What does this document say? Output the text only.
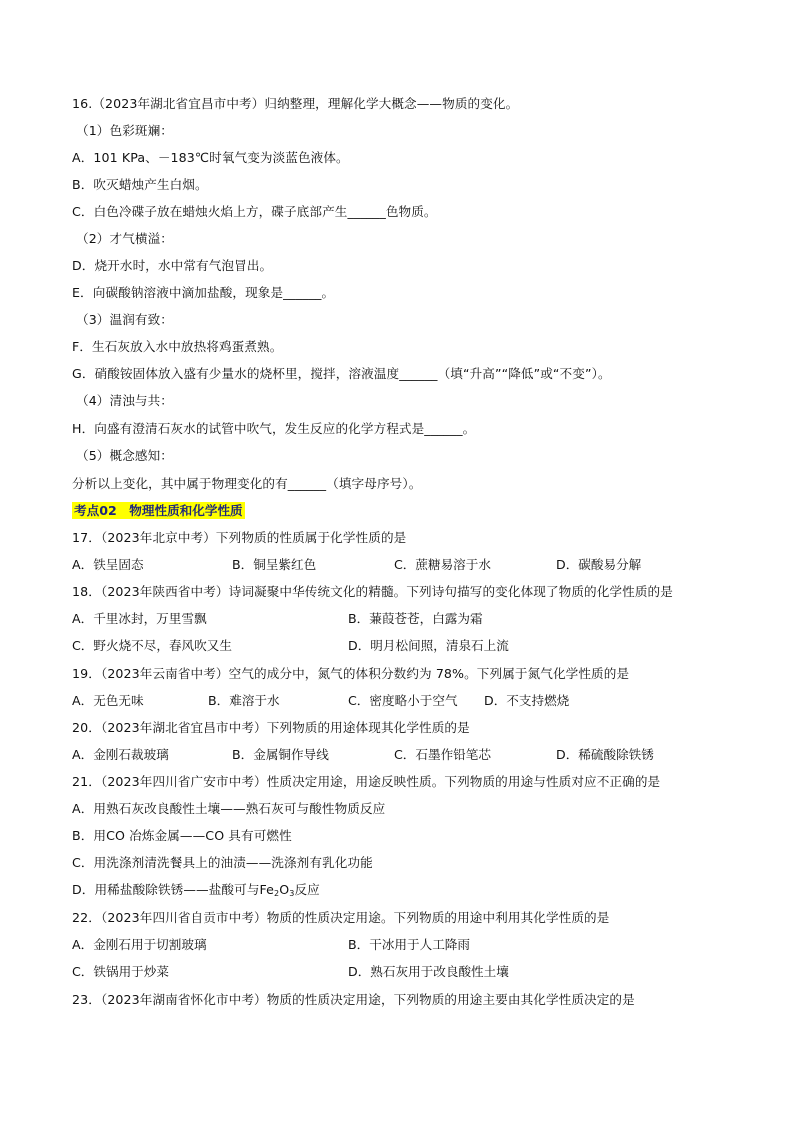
16.（2023年湖北省宜昌市中考）归纳整理，理解化学大概念——物质的变化。
（1）色彩斑斓：
A．101 KPa、－183℃时氧气变为淡蓝色液体。
B．吹灭蜡烛产生白烟。
C．白色冷碟子放在蜡烛火焰上方，碟子底部产生______色物质。
（2）才气横溢：
D．烧开水时，水中常有气泡冒出。
E．向碳酸钠溶液中滴加盐酸，现象是______。
（3）温润有致：
F．生石灰放入水中放热将鸡蛋煮熟。
G．硝酸铵固体放入盛有少量水的烧杯里，搅拌，溶液温度______（填“升高”“降低”或“不变”）。
（4）清浊与共：
H．向盛有澄清石灰水的试管中吹气，发生反应的化学方程式是______。
（5）概念感知：
分析以上变化，其中属于物理变化的有______（填字母序号）。
考点02　物理性质和化学性质
17．（2023年北京中考）下列物质的性质属于化学性质的是
A．铁呈固态	B．铜呈紫红色	C．蔗糖易溶于水	D．碳酸易分解
18．（2023年陕西省中考）诗词凝聚中华传统文化的精髓。下列诗句描写的变化体现了物质的化学性质的是
A．千里冰封，万里雪飘	B．蒹葭苍苍，白露为霜
C．野火烧不尽，春风吹又生	D．明月松间照，清泉石上流
19．（2023年云南省中考）空气的成分中，氮气的体积分数约为 78%。下列属于氮气化学性质的是
A．无色无味	B．难溶于水	C．密度略小于空气 D．不支持燃烧
20．（2023年湖北省宜昌市中考）下列物质的用途体现其化学性质的是
A．金刚石裁玻璃	B．金属铜作导线	C．石墨作铅笔芯	D．稀硫酸除铁锈
21．（2023年四川省广安市中考）性质决定用途，用途反映性质。下列物质的用途与性质对应不正确的是
A．用熟石灰改良酸性土壤——熟石灰可与酸性物质反应
B．用CO 冶炼金属——CO 具有可燃性
C．用洗涤剂清洗餐具上的油渍——洗涤剂有乳化功能
D．用稀盐酸除铁锈——盐酸可与$Fe_2O_3$反应
22．（2023年四川省自贡市中考）物质的性质决定用途。下列物质的用途中利用其化学性质的是
A．金刚石用于切割玻璃	B．干冰用于人工降雨
C．铁锅用于炒菜	D．熟石灰用于改良酸性土壤
23．（2023年湖南省怀化市中考）物质的性质决定用途，下列物质的用途主要由其化学性质决定的是
